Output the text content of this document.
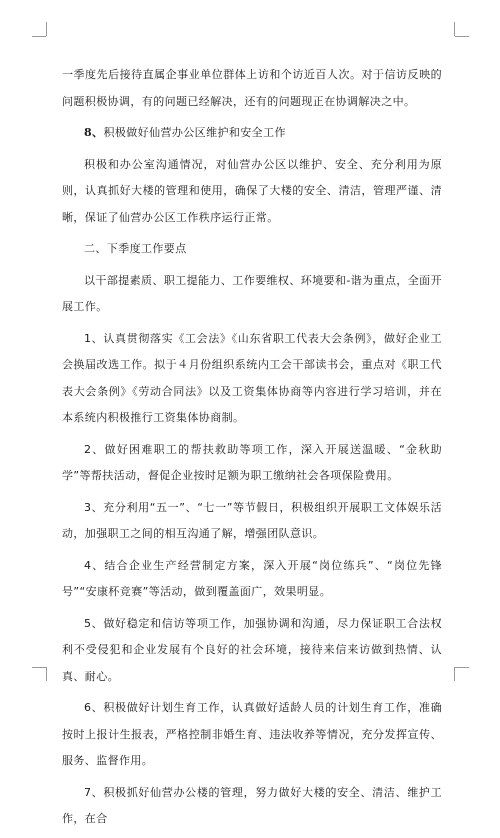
一季度先后接待直属企事业单位群体上访和个访近百人次。对于信访反映的问题积极协调，有的问题已经解决，还有的问题现正在协调解决之中。

8、积极做好仙营办公区维护和安全工作

积极和办公室沟通情况，对仙营办公区以维护、安全、充分利用为原则，认真抓好大楼的管理和使用，确保了大楼的安全、清洁，管理严谨、清晰，保证了仙营办公区工作秩序运行正常。

二、下季度工作要点

以干部提素质、职工提能力、工作要维权、环境要和-谐为重点，全面开展工作。

1、认真贯彻落实《工会法》《山东省职工代表大会条例》，做好企业工会换届改选工作。拟于４月份组织系统内工会干部读书会，重点对《职工代表大会条例》《劳动合同法》以及工资集体协商等内容进行学习培训，并在本系统内积极推行工资集体协商制。

2、做好困难职工的帮扶救助等项工作，深入开展送温暖、“金秋助学”等帮扶活动，督促企业按时足额为职工缴纳社会各项保险费用。

3、充分利用“五一”、“七一”等节假日，积极组织开展职工文体娱乐活动，加强职工之间的相互沟通了解，增强团队意识。

4、结合企业生产经营制定方案，深入开展“岗位练兵”、“岗位先锋号”“安康杯竞赛”等活动，做到覆盖面广，效果明显。

5、做好稳定和信访等项工作，加强协调和沟通，尽力保证职工合法权利不受侵犯和企业发展有个良好的社会环境，接待来信来访做到热情、认真、耐心。

6、积极做好计划生育工作，认真做好适龄人员的计划生育工作，准确按时上报计生报表，严格控制非婚生育、违法收养等情况，充分发挥宣传、服务、监督作用。

7、积极抓好仙营办公楼的管理，努力做好大楼的安全、清洁、维护工作，在合
